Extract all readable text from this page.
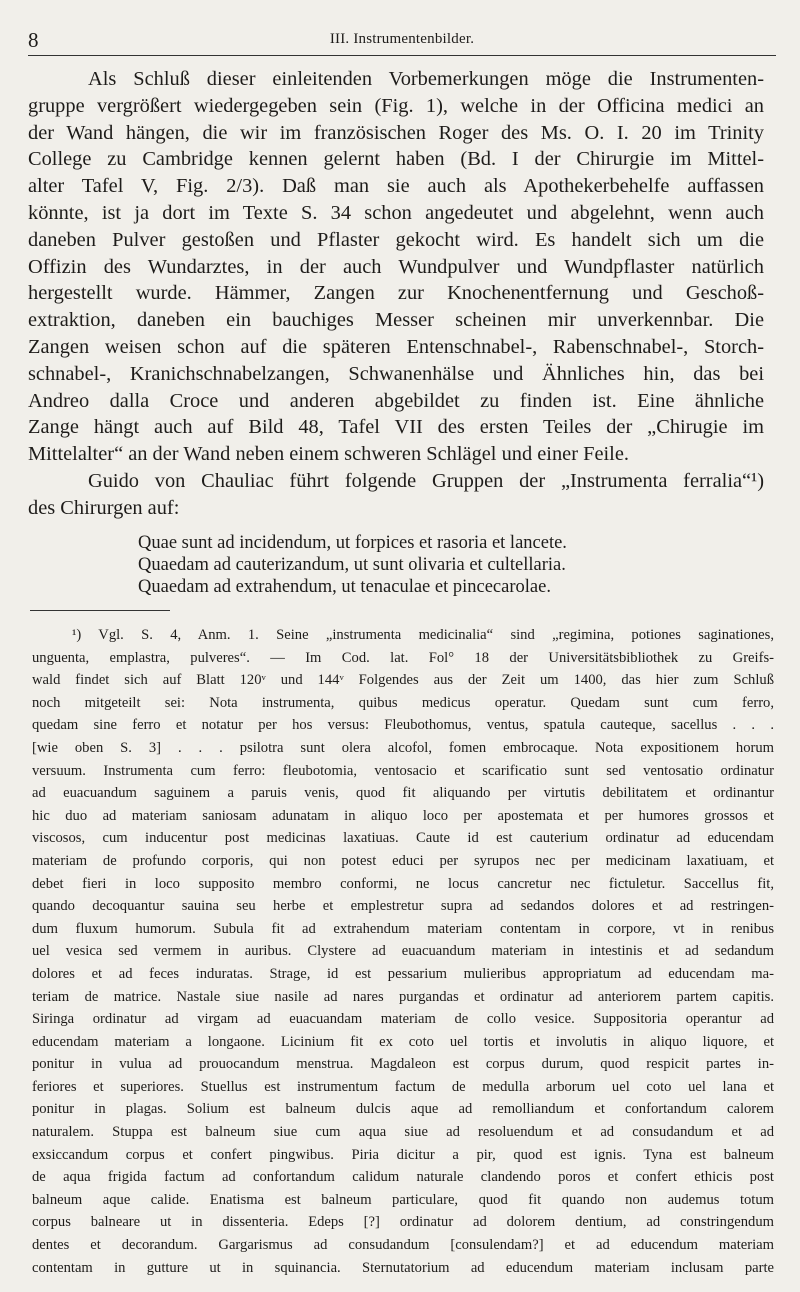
8	III. Instrumentenbilder.
Als Schluß dieser einleitenden Vorbemerkungen möge die Instrumenten-
gruppe vergrößert wiedergegeben sein (Fig. 1), welche in der Officina medici an
der Wand hängen, die wir im französischen Roger des Ms. O. I. 20 im Trinity
College zu Cambridge kennen gelernt haben (Bd. I der Chirurgie im Mittel-
alter Tafel V, Fig. 2/3). Daß man sie auch als Apothekerbehelfe auffassen
könnte, ist ja dort im Texte S. 34 schon angedeutet und abgelehnt, wenn auch
daneben Pulver gestoßen und Pflaster gekocht wird. Es handelt sich um die
Offizin des Wundarztes, in der auch Wundpulver und Wundpflaster natürlich
hergestellt wurde. Hämmer, Zangen zur Knochenentfernung und Geschoß-
extraktion, daneben ein bauchiges Messer scheinen mir unverkennbar. Die
Zangen weisen schon auf die späteren Entenschnabel-, Rabenschnabel-, Storch-
schnabel-, Kranichschnabelzangen, Schwanenhälse und Ähnliches hin, das bei
Andreo dalla Croce und anderen abgebildet zu finden ist. Eine ähnliche
Zange hängt auch auf Bild 48, Tafel VII des ersten Teiles der „Chirugie im
Mittelalter“ an der Wand neben einem schweren Schlägel und einer Feile.
Guido von Chauliac führt folgende Gruppen der „Instrumenta ferralia“¹)
des Chirurgen auf:
Quae sunt ad incidendum, ut forpices et rasoria et lancete.
Quaedam ad cauterizandum, ut sunt olivaria et cultellaria.
Quaedam ad extrahendum, ut tenaculae et pincecarolae.
¹) Vgl. S. 4, Anm. 1. Seine „instrumenta medicinalia“ sind „regimina, potiones saginationes,
unguenta, emplastra, pulveres“. — Im Cod. lat. Fol° 18 der Universitätsbibliothek zu Greifs-
wald findet sich auf Blatt 120ᵛ und 144ᵛ Folgendes aus der Zeit um 1400, das hier zum Schluß
noch mitgeteilt sei: Nota instrumenta, quibus medicus operatur. Quedam sunt cum ferro,
quedam sine ferro et notatur per hos versus: Fleubothomus, ventus, spatula cauteque, sacellus . . .
[wie oben S. 3] . . . psilotra sunt olera alcofol, fomen embrocaque. Nota expositionem horum
versuum. Instrumenta cum ferro: fleubotomia, ventosacio et scarificatio sunt sed ventosatio ordinatur
ad euacuandum saguinem a paruis venis, quod fit aliquando per virtutis debilitatem et ordinantur
hic duo ad materiam saniosam adunatam in aliquo loco per apostemata et per humores grossos et
viscosos, cum inducentur post medicinas laxatiuas. Caute id est cauterium ordinatur ad educendam
materiam de profundo corporis, qui non potest educi per syrupos nec per medicinam laxatiuam, et
debet fieri in loco supposito membro conformi, ne locus cancretur nec fictuletur. Saccellus fit,
quando decoquantur sauina seu herbe et emplestretur supra ad sedandos dolores et ad restringen-
dum fluxum humorum. Subula fit ad extrahendum materiam contentam in corpore, vt in renibus
uel vesica sed vermem in auribus. Clystere ad euacuandum materiam in intestinis et ad sedandum
dolores et ad feces induratas. Strage, id est pessarium mulieribus appropriatum ad educendam ma-
teriam de matrice. Nastale siue nasile ad nares purgandas et ordinatur ad anteriorem partem capitis.
Siringa ordinatur ad virgam ad euacuandam materiam de collo vesice. Suppositoria operantur ad
educendam materiam a longaone. Licinium fit ex coto uel tortis et involutis in aliquo liquore, et
ponitur in vulua ad prouocandum menstrua. Magdaleon est corpus durum, quod respicit partes in-
feriores et superiores. Stuellus est instrumentum factum de medulla arborum uel coto uel lana et
ponitur in plagas. Solium est balneum dulcis aque ad remolliandum et confortandum calorem
naturalem. Stuppa est balneum siue cum aqua siue ad resoluendum et ad consudandum et ad
exsiccandum corpus et confert pingwibus. Piria dicitur a pir, quod est ignis. Tyna est balneum
de aqua frigida factum ad confortandum calidum naturale clandendo poros et confert ethicis post
balneum aque calide. Enatisma est balneum particulare, quod fit quando non audemus totum
corpus balneare ut in dissenteria. Edeps [?] ordinatur ad dolorem dentium, ad constringendum
dentes et decorandum. Gargarismus ad consudandum [consulendam?] et ad educendum materiam
contentam in gutture ut in squinancia. Sternutatorium ad educendum materiam inclusam parte
